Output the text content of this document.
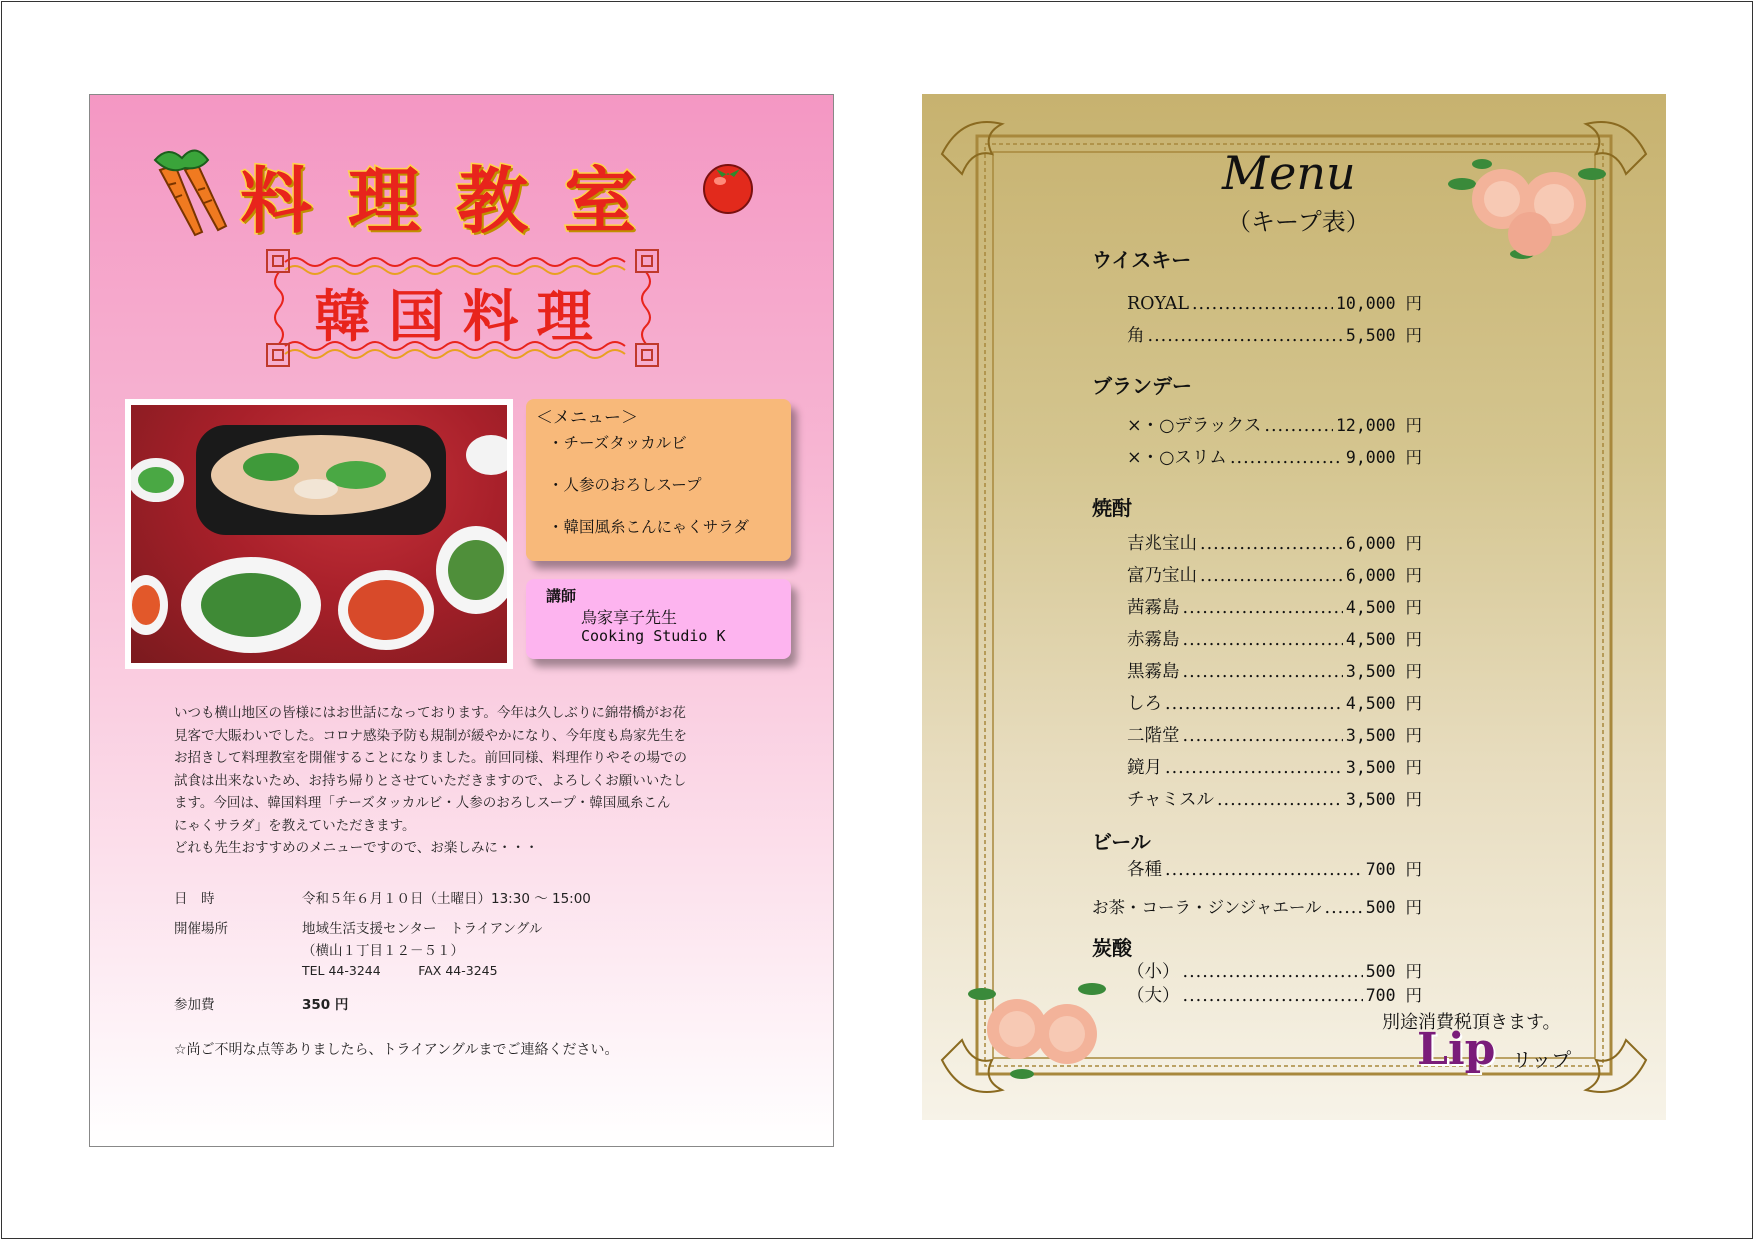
料理教室
韓国料理
＜メニュー＞
・チーズタッカルビ
・人参のおろしスープ
・韓国風糸こんにゃくサラダ
講師
鳥家享子先生
Cooking Studio K

いつも横山地区の皆様にはお世話になっております。今年は久しぶりに錦帯橋がお花

見客で大賑わいでした。コロナ感染予防も規制が緩やかになり、今年度も鳥家先生を

お招きして料理教室を開催することになりました。前回同様、料理作りやその場での

試食は出来ないため、お持ち帰りとさせていただきますので、よろしくお願いいたし

ます。今回は、韓国料理「チーズタッカルビ・人参のおろしスープ・韓国風糸こん

にゃくサラダ」を教えていただきます。

どれも先生おすすめのメニューですので、お楽しみに・・・

日　時	令和５年６月１０日（土曜日）13:30 ～ 15:00
開催場所	地域生活支援センター　トライアングル
（横山１丁目１２－５１）
TEL 44-3244　　　FAX 44-3245
参加費	350 円
☆尚ご不明な点等ありましたら、トライアングルまでご連絡ください。
Menu
（キープ表）
ウイスキー
ROYAL .....	10,000 円
角 .....	5,500 円
ブランデー
×・○デラックス .....	12,000 円
×・○スリム .....	9,000 円
焼酎
吉兆宝山 .....	6,000 円
富乃宝山 .....	6,000 円
茜霧島 .....	4,500 円
赤霧島 .....	4,500 円
黒霧島 .....	3,500 円
しろ .....	4,500 円
二階堂 .....	3,500 円
鏡月 .....	3,500 円
チャミスル .....	3,500 円
ビール
各種 .....	700 円
お茶・コーラ・ジンジャエール .....	500 円
炭酸
（小） .....	500 円
（大） .....	700 円
別途消費税頂きます。
Lip リップ
